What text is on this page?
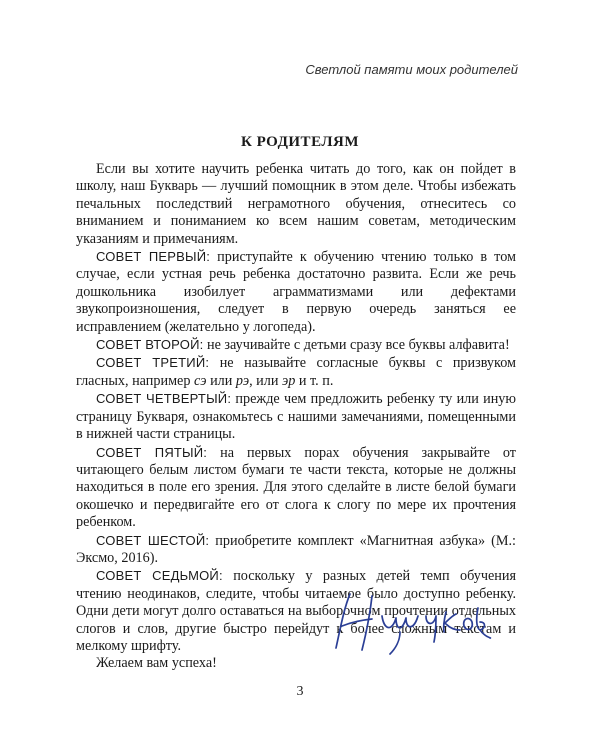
Светлой памяти моих родителей
К РОДИТЕЛЯМ

Если вы хотите научить ребенка читать до того, как он пойдет в школу, наш Букварь — лучший помощник в этом деле. Чтобы избежать печальных последствий неграмотного обучения, отнеситесь со вниманием и пониманием ко всем нашим советам, методическим указаниям и примечаниям.

СОВЕТ ПЕРВЫЙ: приступайте к обучению чтению только в том случае, если устная речь ребенка достаточно развита. Если же речь дошкольника изобилует аграмматизмами или дефектами звукопроизношения, следует в первую очередь заняться ее исправлением (желательно у логопеда).

СОВЕТ ВТОРОЙ: не заучивайте с детьми сразу все буквы алфавита!

СОВЕТ ТРЕТИЙ: не называйте согласные буквы с призвуком гласных, например сэ или рэ, или эр и т. п.

СОВЕТ ЧЕТВЕРТЫЙ: прежде чем предложить ребенку ту или иную страницу Букваря, ознакомьтесь с нашими замечаниями, помещенными в нижней части страницы.

СОВЕТ ПЯТЫЙ: на первых порах обучения закрывайте от читающего белым листом бумаги те части текста, которые не должны находиться в поле его зрения. Для этого сделайте в листе белой бумаги окошечко и передвигайте его от слога к слогу по мере их прочтения ребенком.

СОВЕТ ШЕСТОЙ: приобретите комплект «Магнитная азбука» (М.: Эксмо, 2016).

СОВЕТ СЕДЬМОЙ: поскольку у разных детей темп обучения чтению неодинаков, следите, чтобы читаемое было доступно ребенку. Одни дети могут долго оставаться на выборочном прочтении отдельных слогов и слов, другие быстро перейдут к более сложным текстам и мелкому шрифту.

Желаем вам успеха!

3
